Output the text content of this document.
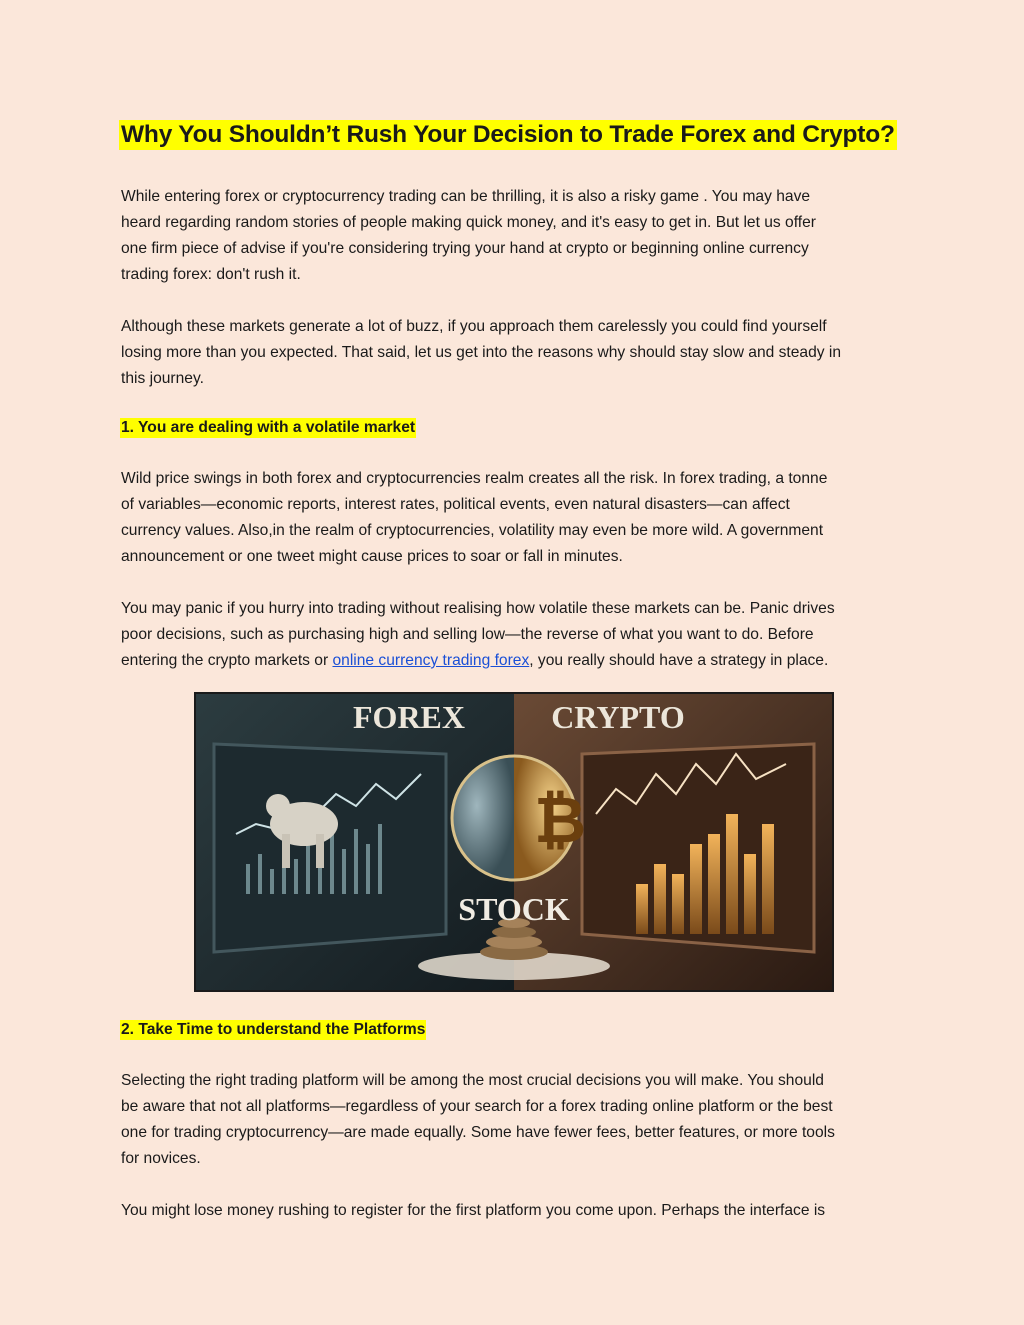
Why You Shouldn’t Rush Your Decision to Trade Forex and Crypto?

While entering forex or cryptocurrency trading can be thrilling, it is also a risky game . You may have
heard regarding random stories of people making quick money, and it's easy to get in. But let us offer
one firm piece of advise if you're considering trying your hand at crypto or beginning online currency
trading forex: don't rush it.

Although these markets generate a lot of buzz, if you approach them carelessly you could find yourself
losing more than you expected. That said, let us get into the reasons why should stay slow and steady in
this journey.

1. You are dealing with a volatile market

Wild price swings in both forex and cryptocurrencies realm creates all the risk. In forex trading, a tonne
of variables—economic reports, interest rates, political events, even natural disasters—can affect
currency values. Also,in the realm of cryptocurrencies, volatility may even be more wild. A government
announcement or one tweet might cause prices to soar or fall in minutes.

You may panic if you hurry into trading without realising how volatile these markets can be. Panic drives
poor decisions, such as purchasing high and selling low—the reverse of what you want to do. Before
entering the crypto markets or online currency trading forex, you really should have a strategy in place.

₿
FOREX	CRYPTO
STOCK
2. Take Time to understand the Platforms

Selecting the right trading platform will be among the most crucial decisions you will make. You should
be aware that not all platforms—regardless of your search for a forex trading online platform or the best
one for trading cryptocurrency—are made equally. Some have fewer fees, better features, or more tools
for novices.

You might lose money rushing to register for the first platform you come upon. Perhaps the interface is
